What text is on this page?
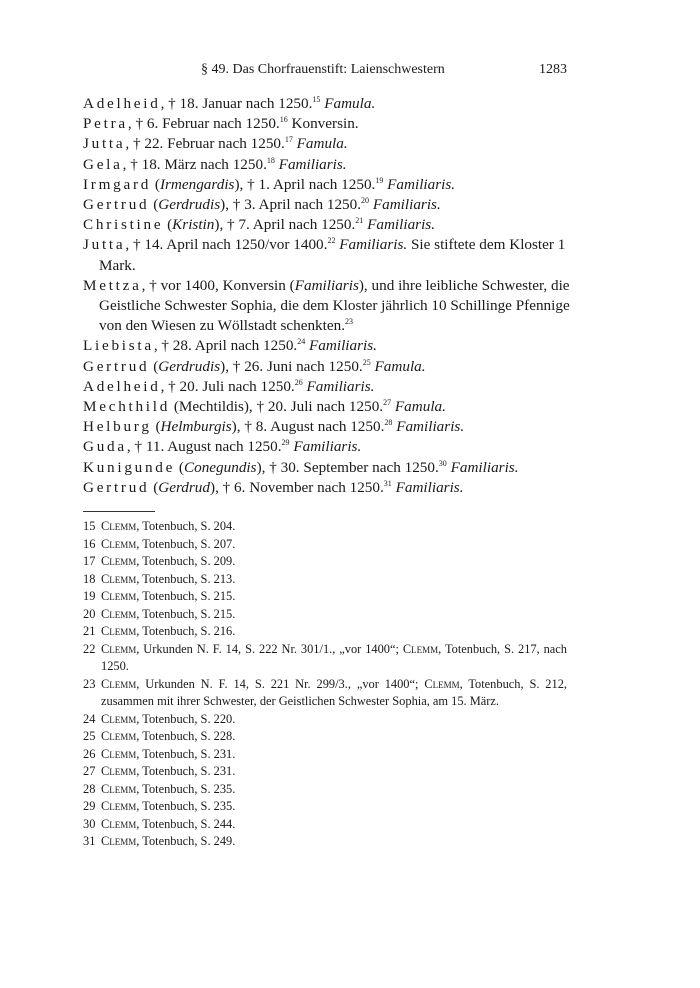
§ 49. Das Chorfrauenstift: Laienschwestern	1283
Adelheid, † 18. Januar nach 1250.15 Famula.
Petra, † 6. Februar nach 1250.16 Konversin.
Jutta, † 22. Februar nach 1250.17 Famula.
Gela, † 18. März nach 1250.18 Familiaris.
Irmgard (Irmengardis), † 1. April nach 1250.19 Familiaris.
Gertrud (Gerdrudis), † 3. April nach 1250.20 Familiaris.
Christine (Kristin), † 7. April nach 1250.21 Familiaris.
Jutta, † 14. April nach 1250/vor 1400.22 Familiaris. Sie stiftete dem Kloster 1 Mark.
Mettza, † vor 1400, Konversin (Familiaris), und ihre leibliche Schwester, die Geistliche Schwester Sophia, die dem Kloster jährlich 10 Schillinge Pfennige von den Wiesen zu Wöllstadt schenkten.$^{23}$
Liebista, † 28. April nach 1250.24 Familiaris.
Gertrud (Gerdrudis), † 26. Juni nach 1250.25 Famula.
Adelheid, † 20. Juli nach 1250.26 Familiaris.
Mechthild (Mechtildis), † 20. Juli nach 1250.27 Famula.
Helburg (Helmburgis), † 8. August nach 1250.28 Familiaris.
Guda, † 11. August nach 1250.29 Familiaris.
Kunigunde (Conegundis), † 30. September nach 1250.30 Familiaris.
Gertrud (Gerdrud), † 6. November nach 1250.31 Familiaris.
15 Clemm, Totenbuch, S. 204.
16 Clemm, Totenbuch, S. 207.
17 Clemm, Totenbuch, S. 209.
18 Clemm, Totenbuch, S. 213.
19 Clemm, Totenbuch, S. 215.
20 Clemm, Totenbuch, S. 215.
21 Clemm, Totenbuch, S. 216.
22 Clemm, Urkunden N. F. 14, S. 222 Nr. 301/1., „vor 1400“; Clemm, Totenbuch, S. 217, nach 1250.
23 Clemm, Urkunden N. F. 14, S. 221 Nr. 299/3., „vor 1400“; Clemm, Totenbuch, S. 212, zusammen mit ihrer Schwester, der Geistlichen Schwester Sophia, am 15. März.
24 Clemm, Totenbuch, S. 220.
25 Clemm, Totenbuch, S. 228.
26 Clemm, Totenbuch, S. 231.
27 Clemm, Totenbuch, S. 231.
28 Clemm, Totenbuch, S. 235.
29 Clemm, Totenbuch, S. 235.
30 Clemm, Totenbuch, S. 244.
31 Clemm, Totenbuch, S. 249.
